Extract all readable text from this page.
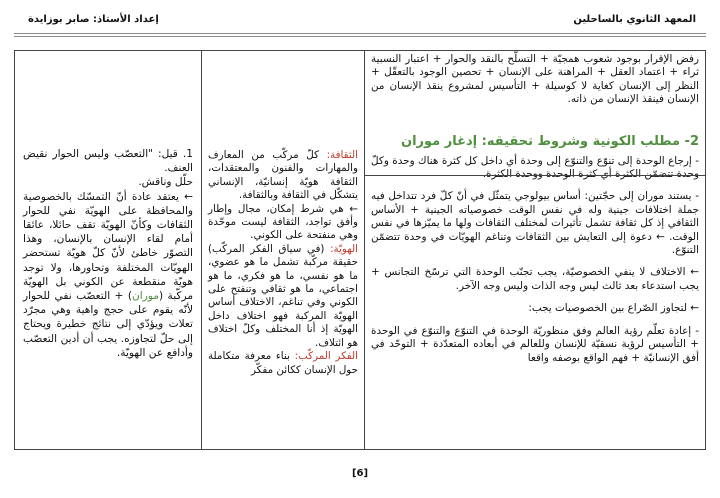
المعهد الثانوي بالساحلين
إعداد الأستاذ: صابر بوزايدة

رفض الإقرار بوجود شعوب همجيّة + التسلّح بالنقد والحوار + اعتبار النسبية ثراء + اعتماد العقل + المراهنة على الإنسان + تحصين الوجود بالتعقّل + النظر إلى الإنسان كغاية لا كوسيلة + التأسيس لمشروع ينقذ الإنسان من الإنسان فينقذ الإنسان من ذاته.

2- مطلب الكونية وشروط تحقيقه: إدغار موران

- إرجاع الوحدة إلى تنوّع والتنوّع إلى وحدة أي داخل كل كثرة هناك وحدة وكلّ

- يستند موران إلى حجّتين: أساس بيولوجي يتمثّل في أنّ كلّ فرد تتداخل فيه جملة اختلافات جينية وله في نفس الوقت خصوصياته الجينية + الأساس الثقافي إذ كل ثقافة تشمل تأثيرات لمختلف الثقافات ولها ما يميّزها في نفس الوقت. ← دعوة إلى التعايش بين الثقافات وتناغم الهويّات في وحدة تتضمّن التنوّع.

← الاختلاف لا ينفي الخصوصيّة، يجب تجنّب الوحدة التي ترسّخ التجانس + يجب استدعاء بعد ثالث ليس وجه الذات وليس وجه الآخر.

← لتجاوز الصّراع بين الخصوصيات يجب:

- إعادة تعلّم رؤية العالم وفق منظوريّة الوحدة في التنوّع والتنوّع في الوحدة + التأسيس لرؤية نسقيّة للإنسان وللعالم في أبعاده المتعدّدة + التوحّد في أفق الإنسانيّة + فهم الواقع بوصفه واقعا

الثقافة: كلّ مركّب من المعارف والمهارات والفنون والمعتقدات، الثقافة هويّة إنسانيّة، الإنساني يتشكّل في الثقافة وبالثقافة.

← هي شرط إمكان، مجال وإطار وأفق تواجد، الثقافة ليست موحّدة وهي منفتحة على الكوني.

الهويّة: (في سياق الفكر المركّب) حقيقة مركّبة تشمل ما هو عضوي، ما هو نفسي، ما هو فكري، ما هو اجتماعي، ما هو ثقافي وتنفتح على الكوني وفي تناغم، الاختلاف أساس الهويّة المركبة فهو اختلاف داخل الهويّة إذ أنا المختلف وكلّ اختلاف هو ائتلاف.

الفكر المركّب: بناء معرفة متكاملة حول الإنسان ككائن مفكّر

1. قيل: "التعصّب وليس الحوار نقيض العنف.

حلّل وناقش.

← يعتقد عادة أنّ التمسّك بالخصوصية والمحافظة على الهويّة نفي للحوار الثقافات وكأنّ الهويّة تقف حائلا، عائقا أمام لقاء الإنسان بالإنسان، وهذا التصوّر خاطئ لأنّ كلّ هويّة تستحضر الهويّات المختلفة وتحاورها، ولا توجد هويّة منقطعة عن الكوني بل الهويّة مركّبة (موران) + التعصّب نفي للحوار لأنّه يقوم على حجج واهية وهي مجرّد تعلات ويؤدّي إلى نتائج خطيرة ويحتاج إلى حلّ لتجاوزه. يجب أن أدين التعصّب وأدافع عن الهويّة.

[6]
